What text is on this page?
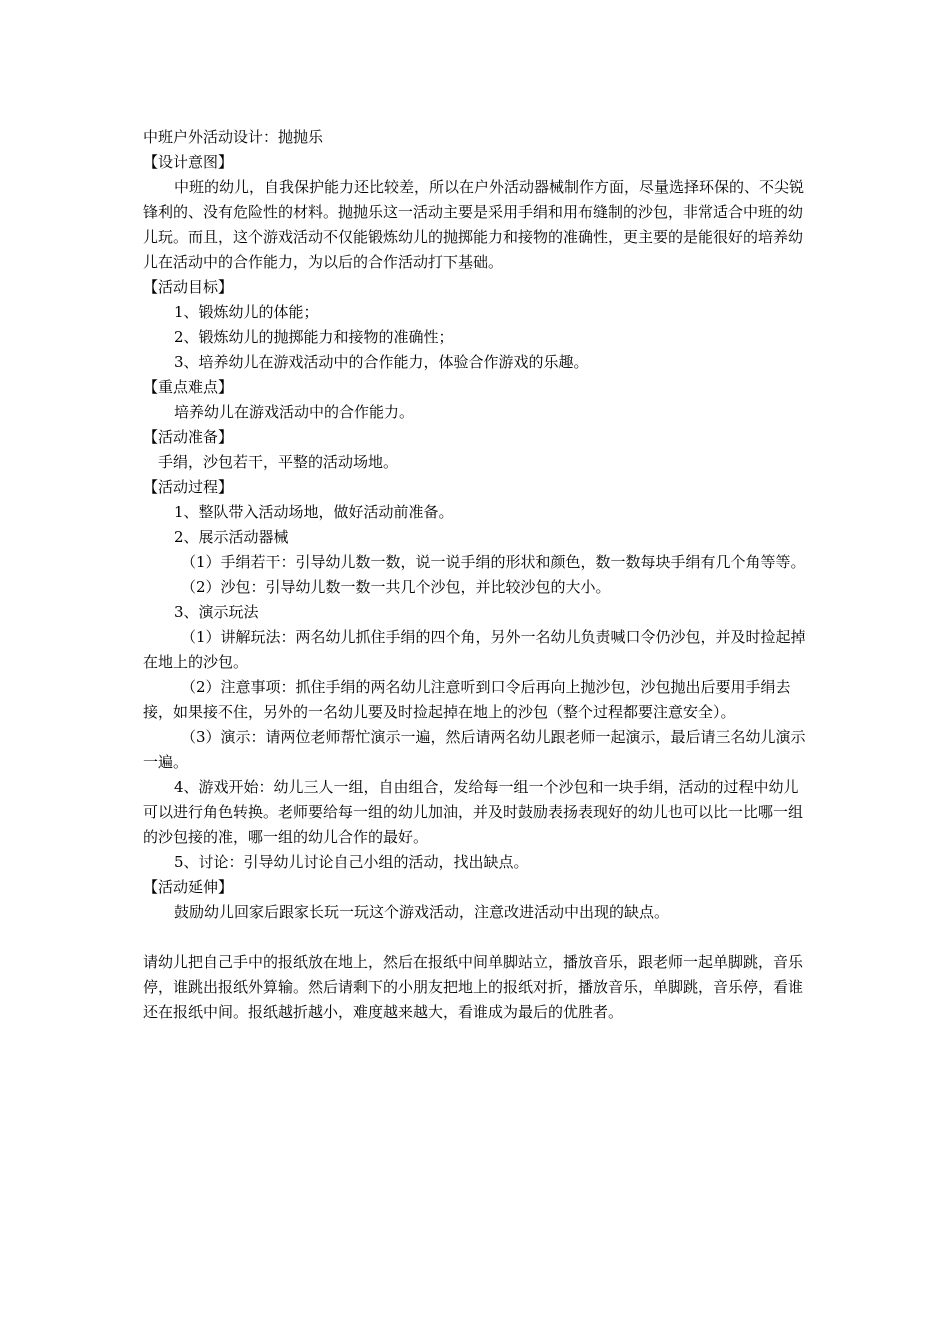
中班户外活动设计：抛抛乐
【设计意图】
中班的幼儿，自我保护能力还比较差，所以在户外活动器械制作方面，尽量选择环保的、不尖锐锋利的、没有危险性的材料。抛抛乐这一活动主要是采用手绢和用布缝制的沙包，非常适合中班的幼儿玩。而且，这个游戏活动不仅能锻炼幼儿的抛掷能力和接物的准确性，更主要的是能很好的培养幼儿在活动中的合作能力，为以后的合作活动打下基础。
【活动目标】
1、锻炼幼儿的体能；
2、锻炼幼儿的抛掷能力和接物的准确性；
3、培养幼儿在游戏活动中的合作能力，体验合作游戏的乐趣。
【重点难点】
培养幼儿在游戏活动中的合作能力。
【活动准备】
手绢，沙包若干，平整的活动场地。
【活动过程】
1、整队带入活动场地，做好活动前准备。
2、展示活动器械
（1）手绢若干：引导幼儿数一数，说一说手绢的形状和颜色，数一数每块手绢有几个角等等。
（2）沙包：引导幼儿数一数一共几个沙包，并比较沙包的大小。
3、演示玩法
（1）讲解玩法：两名幼儿抓住手绢的四个角，另外一名幼儿负责喊口令仍沙包，并及时捡起掉在地上的沙包。
（2）注意事项：抓住手绢的两名幼儿注意听到口令后再向上抛沙包，沙包抛出后要用手绢去接，如果接不住，另外的一名幼儿要及时捡起掉在地上的沙包（整个过程都要注意安全）。
（3）演示：请两位老师帮忙演示一遍，然后请两名幼儿跟老师一起演示，最后请三名幼儿演示一遍。
4、游戏开始：幼儿三人一组，自由组合，发给每一组一个沙包和一块手绢，活动的过程中幼儿可以进行角色转换。老师要给每一组的幼儿加油，并及时鼓励表扬表现好的幼儿也可以比一比哪一组的沙包接的准，哪一组的幼儿合作的最好。
5、讨论：引导幼儿讨论自己小组的活动，找出缺点。
【活动延伸】
鼓励幼儿回家后跟家长玩一玩这个游戏活动，注意改进活动中出现的缺点。
请幼儿把自己手中的报纸放在地上，然后在报纸中间单脚站立，播放音乐，跟老师一起单脚跳，音乐停，谁跳出报纸外算输。然后请剩下的小朋友把地上的报纸对折，播放音乐，单脚跳，音乐停，看谁还在报纸中间。报纸越折越小，难度越来越大，看谁成为最后的优胜者。
